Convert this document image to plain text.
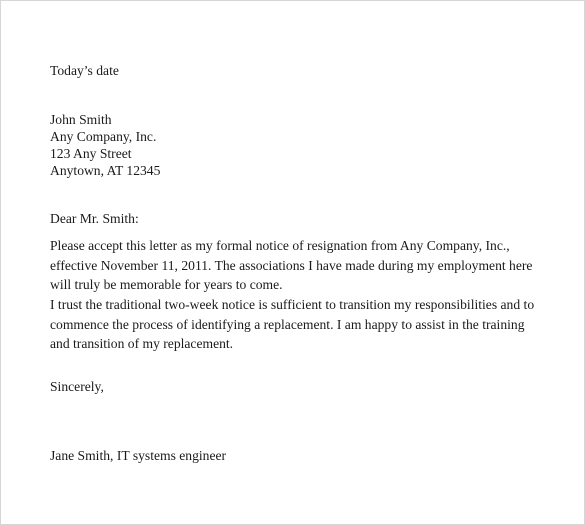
Today’s date
John Smith
Any Company, Inc.
123 Any Street
Anytown, AT 12345
Dear Mr. Smith:
Please accept this letter as my formal notice of resignation from Any Company, Inc.,
effective November 11, 2011. The associations I have made during my employment here
will truly be memorable for years to come.
I trust the traditional two-week notice is sufficient to transition my responsibilities and to
commence the process of identifying a replacement. I am happy to assist in the training
and transition of my replacement.
Sincerely,
Jane Smith, IT systems engineer
